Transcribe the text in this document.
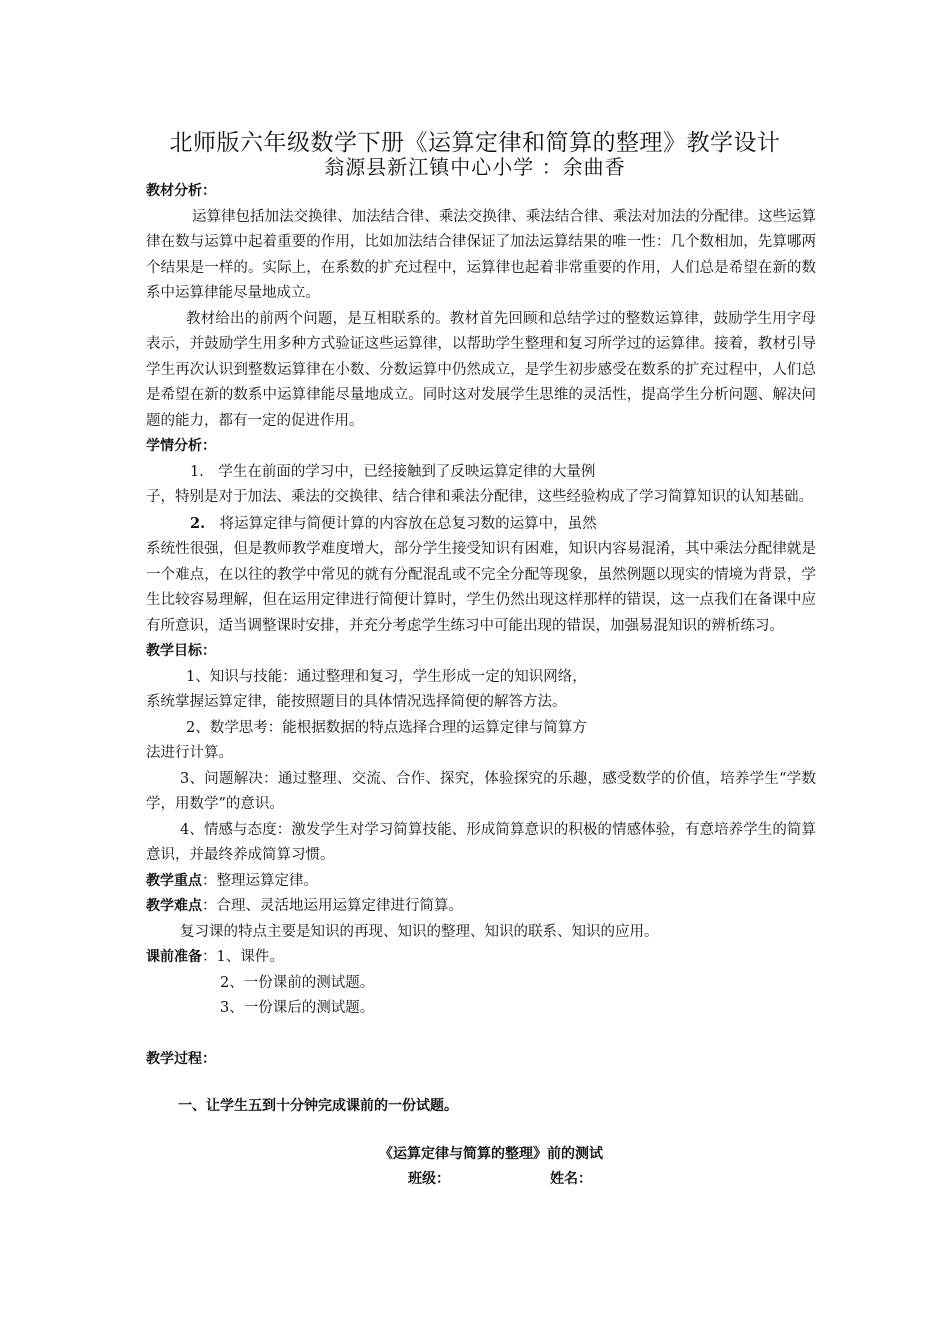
北师版六年级数学下册《运算定律和简算的整理》教学设计
翁源县新江镇中心小学 ：余曲香
教材分析：

运算律包括加法交换律、加法结合律、乘法交换律、乘法结合律、乘法对加法的分配律。这些运算律在数与运算中起着重要的作用，比如加法结合律保证了加法运算结果的唯一性：几个数相加，先算哪两个结果是一样的。实际上，在系数的扩充过程中，运算律也起着非常重要的作用，人们总是希望在新的数系中运算律能尽量地成立。

教材给出的前两个问题，是互相联系的。教材首先回顾和总结学过的整数运算律，鼓励学生用字母表示，并鼓励学生用多种方式验证这些运算律，以帮助学生整理和复习所学过的运算律。接着，教材引导学生再次认识到整数运算律在小数、分数运算中仍然成立，是学生初步感受在数系的扩充过程中，人们总是希望在新的数系中运算律能尽量地成立。同时这对发展学生思维的灵活性，提高学生分析问题、解决问题的能力，都有一定的促进作用。

学情分析：

1.　学生在前面的学习中，已经接触到了反映运算定律的大量例

子，特别是对于加法、乘法的交换律、结合律和乘法分配律，这些经验构成了学习简算知识的认知基础。

2.　将运算定律与简便计算的内容放在总复习数的运算中，虽然

系统性很强，但是教师教学难度增大，部分学生接受知识有困难，知识内容易混淆，其中乘法分配律就是一个难点，在以往的教学中常见的就有分配混乱或不完全分配等现象，虽然例题以现实的情境为背景，学生比较容易理解，但在运用定律进行简便计算时，学生仍然出现这样那样的错误，这一点我们在备课中应有所意识，适当调整课时安排，并充分考虑学生练习中可能出现的错误，加强易混知识的辨析练习。

教学目标：

1、知识与技能：通过整理和复习，学生形成一定的知识网络，

系统掌握运算定律，能按照题目的具体情况选择简便的解答方法。

2、数学思考：能根据数据的特点选择合理的运算定律与简算方

法进行计算。

3、问题解决：通过整理、交流、合作、探究，体验探究的乐趣，感受数学的价值，培养学生“学数学，用数学”的意识。

4、情感与态度：激发学生对学习简算技能、形成简算意识的积极的情感体验，有意培养学生的简算意识，并最终养成简算习惯。

教学重点：整理运算定律。

教学难点：合理、灵活地运用运算定律进行简算。

复习课的特点主要是知识的再现、知识的整理、知识的联系、知识的应用。

课前准备：1、课件。

2、一份课前的测试题。

3、一份课后的测试题。

教学过程：

一、让学生五到十分钟完成课前的一份试题。

《运算定律与简算的整理》前的测试

班级：	姓名：
